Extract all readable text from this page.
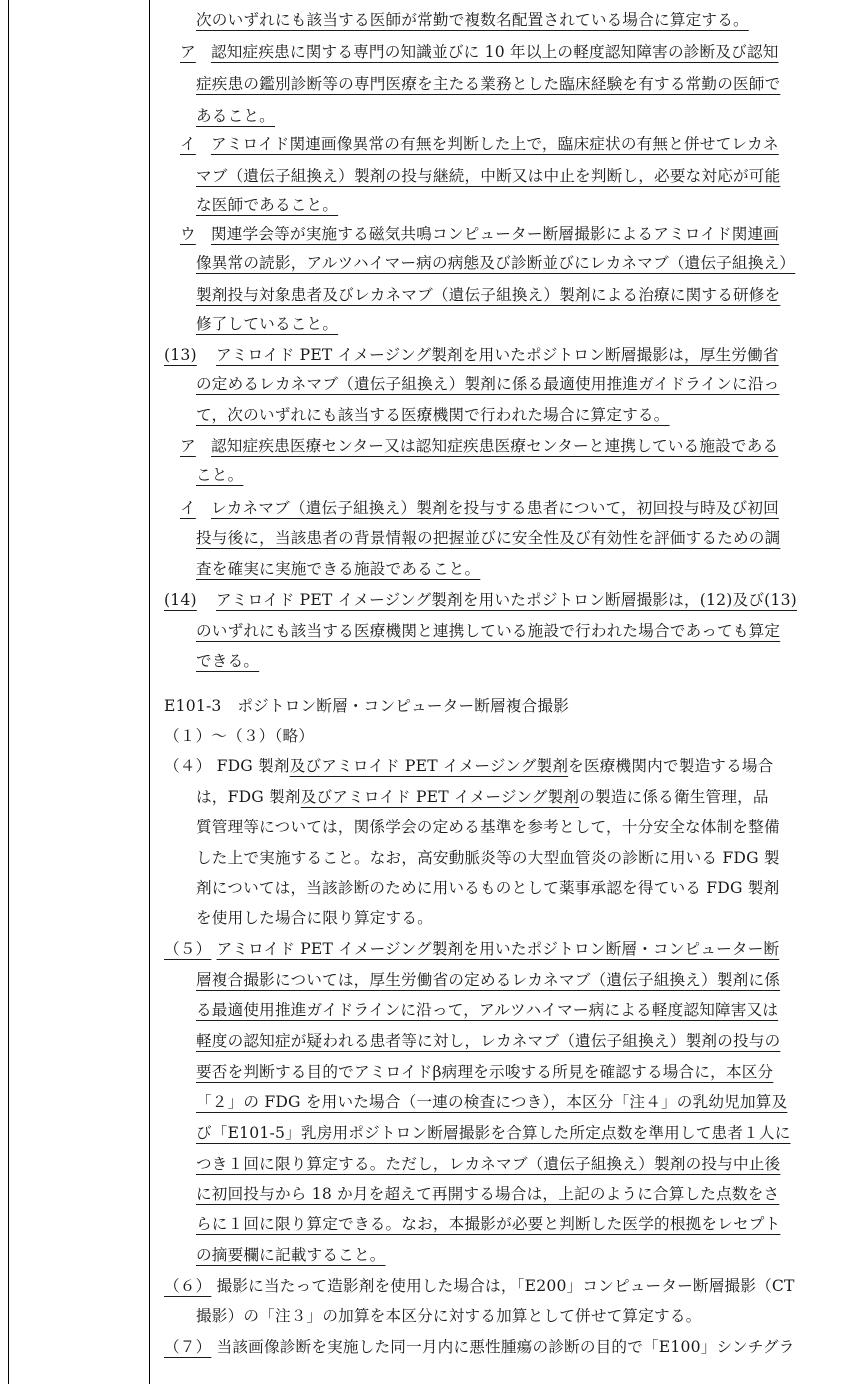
次のいずれにも該当する医師が常勤で複数名配置されている場合に算定する。
ア 認知症疾患に関する専門の知識並びに 10 年以上の軽度認知障害の診断及び認知
症疾患の鑑別診断等の専門医療を主たる業務とした臨床経験を有する常勤の医師で
あること。
イ アミロイド関連画像異常の有無を判断した上で，臨床症状の有無と併せてレカネ
マブ（遺伝子組換え）製剤の投与継続，中断又は中止を判断し，必要な対応が可能
な医師であること。
ウ 関連学会等が実施する磁気共鳴コンピューター断層撮影によるアミロイド関連画
像異常の読影，アルツハイマー病の病態及び診断並びにレカネマブ（遺伝子組換え）
製剤投与対象患者及びレカネマブ（遺伝子組換え）製剤による治療に関する研修を
修了していること。
(13) アミロイド PET イメージング製剤を用いたポジトロン断層撮影は，厚生労働省
の定めるレカネマブ（遺伝子組換え）製剤に係る最適使用推進ガイドラインに沿っ
て，次のいずれにも該当する医療機関で行われた場合に算定する。
ア 認知症疾患医療センター又は認知症疾患医療センターと連携している施設である
こと。
イ レカネマブ（遺伝子組換え）製剤を投与する患者について，初回投与時及び初回
投与後に，当該患者の背景情報の把握並びに安全性及び有効性を評価するための調
査を確実に実施できる施設であること。
(14) アミロイド PET イメージング製剤を用いたポジトロン断層撮影は，(12)及び(13)
のいずれにも該当する医療機関と連携している施設で行われた場合であっても算定
できる。
E101-3　ポジトロン断層・コンピューター断層複合撮影
（１）～（３）（略）
（４） FDG 製剤及びアミロイド PET イメージング製剤を医療機関内で製造する場合
は，FDG 製剤及びアミロイド PET イメージング製剤の製造に係る衛生管理，品
質管理等については，関係学会の定める基準を参考として，十分安全な体制を整備
した上で実施すること。なお，高安動脈炎等の大型血管炎の診断に用いる FDG 製
剤については，当該診断のために用いるものとして薬事承認を得ている FDG 製剤
を使用した場合に限り算定する。
（５） アミロイド PET イメージング製剤を用いたポジトロン断層・コンピューター断
層複合撮影については，厚生労働省の定めるレカネマブ（遺伝子組換え）製剤に係
る最適使用推進ガイドラインに沿って，アルツハイマー病による軽度認知障害又は
軽度の認知症が疑われる患者等に対し，レカネマブ（遺伝子組換え）製剤の投与の
要否を判断する目的でアミロイドβ病理を示唆する所見を確認する場合に，本区分
「２」の FDG を用いた場合（一連の検査につき），本区分「注４」の乳幼児加算及
び「E101-5」乳房用ポジトロン断層撮影を合算した所定点数を準用して患者１人に
つき１回に限り算定する。ただし，レカネマブ（遺伝子組換え）製剤の投与中止後
に初回投与から 18 か月を超えて再開する場合は，上記のように合算した点数をさ
らに１回に限り算定できる。なお，本撮影が必要と判断した医学的根拠をレセプト
の摘要欄に記載すること。
（６） 撮影に当たって造影剤を使用した場合は，「E200」コンピューター断層撮影（CT
撮影）の「注３」の加算を本区分に対する加算として併せて算定する。
（７） 当該画像診断を実施した同一月内に悪性腫瘍の診断の目的で「E100」シンチグラ
